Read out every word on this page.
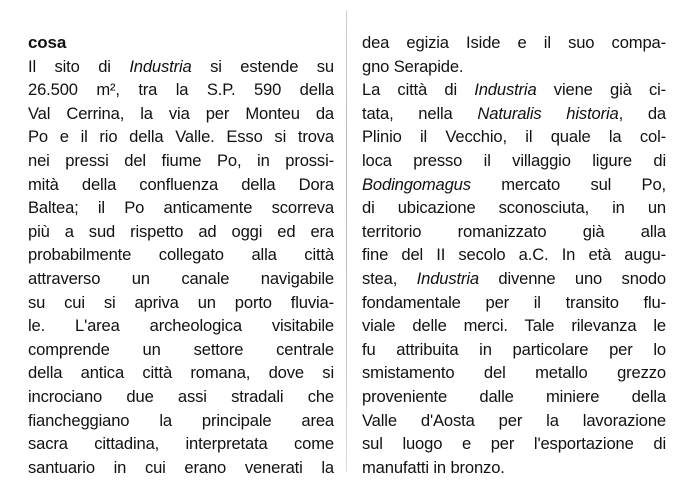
cosa
Il sito di Industria si estende su
26.500 m², tra la S.P. 590 della
Val Cerrina, la via per Monteu da
Po e il rio della Valle. Esso si trova
nei pressi del fiume Po, in prossi-
mità della confluenza della Dora
Baltea; il Po anticamente scorreva
più a sud rispetto ad oggi ed era
probabilmente collegato alla città
attraverso un canale navigabile
su cui si apriva un porto fluvia-
le. L'area archeologica visitabile
comprende un settore centrale
della antica città romana, dove si
incrociano due assi stradali che
fiancheggiano la principale area
sacra cittadina, interpretata come
santuario in cui erano venerati la
dea egizia Iside e il suo compa-
gno Serapide.
La città di Industria viene già ci-
tata, nella Naturalis historia, da
Plinio il Vecchio, il quale la col-
loca presso il villaggio ligure di
Bodingomagus mercato sul Po,
di ubicazione sconosciuta, in un
territorio romanizzato già alla
fine del II secolo a.C. In età augu-
stea, Industria divenne uno snodo
fondamentale per il transito flu-
viale delle merci. Tale rilevanza le
fu attribuita in particolare per lo
smistamento del metallo grezzo
proveniente dalle miniere della
Valle d'Aosta per la lavorazione
sul luogo e per l'esportazione di
manufatti in bronzo.
